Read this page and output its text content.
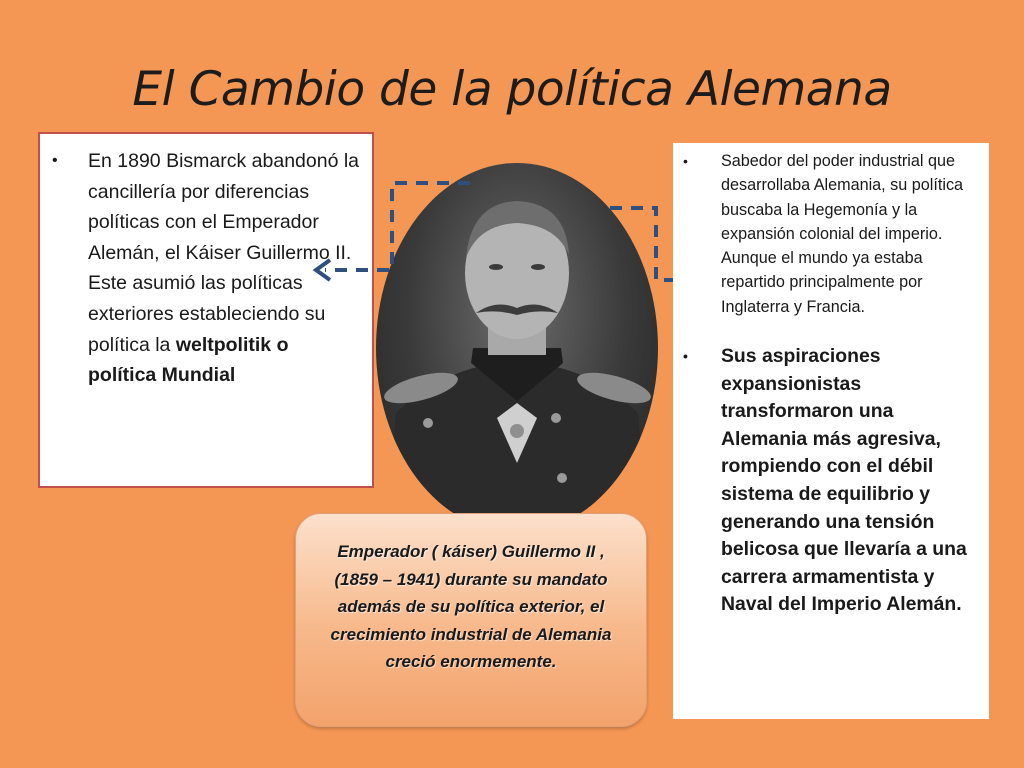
El Cambio de la política Alemana
• En 1890 Bismarck abandonó la cancillería por diferencias políticas con el Emperador Alemán, el Káiser Guillermo II. Este asumió las políticas exteriores estableciendo su política la weltpolitik o política Mundial
• Sabedor del poder industrial que desarrollaba Alemania, su política buscaba la Hegemonía y la expansión colonial del imperio. Aunque el mundo ya estaba repartido principalmente por Inglaterra y Francia.
• Sus aspiraciones expansionistas transformaron una Alemania más agresiva, rompiendo con el débil sistema de equilibrio y generando una tensión belicosa que llevaría a una carrera armamentista y Naval del Imperio Alemán.
Emperador ( káiser) Guillermo II , (1859 – 1941) durante su mandato además de su política exterior, el crecimiento industrial de Alemania creció enormemente.
